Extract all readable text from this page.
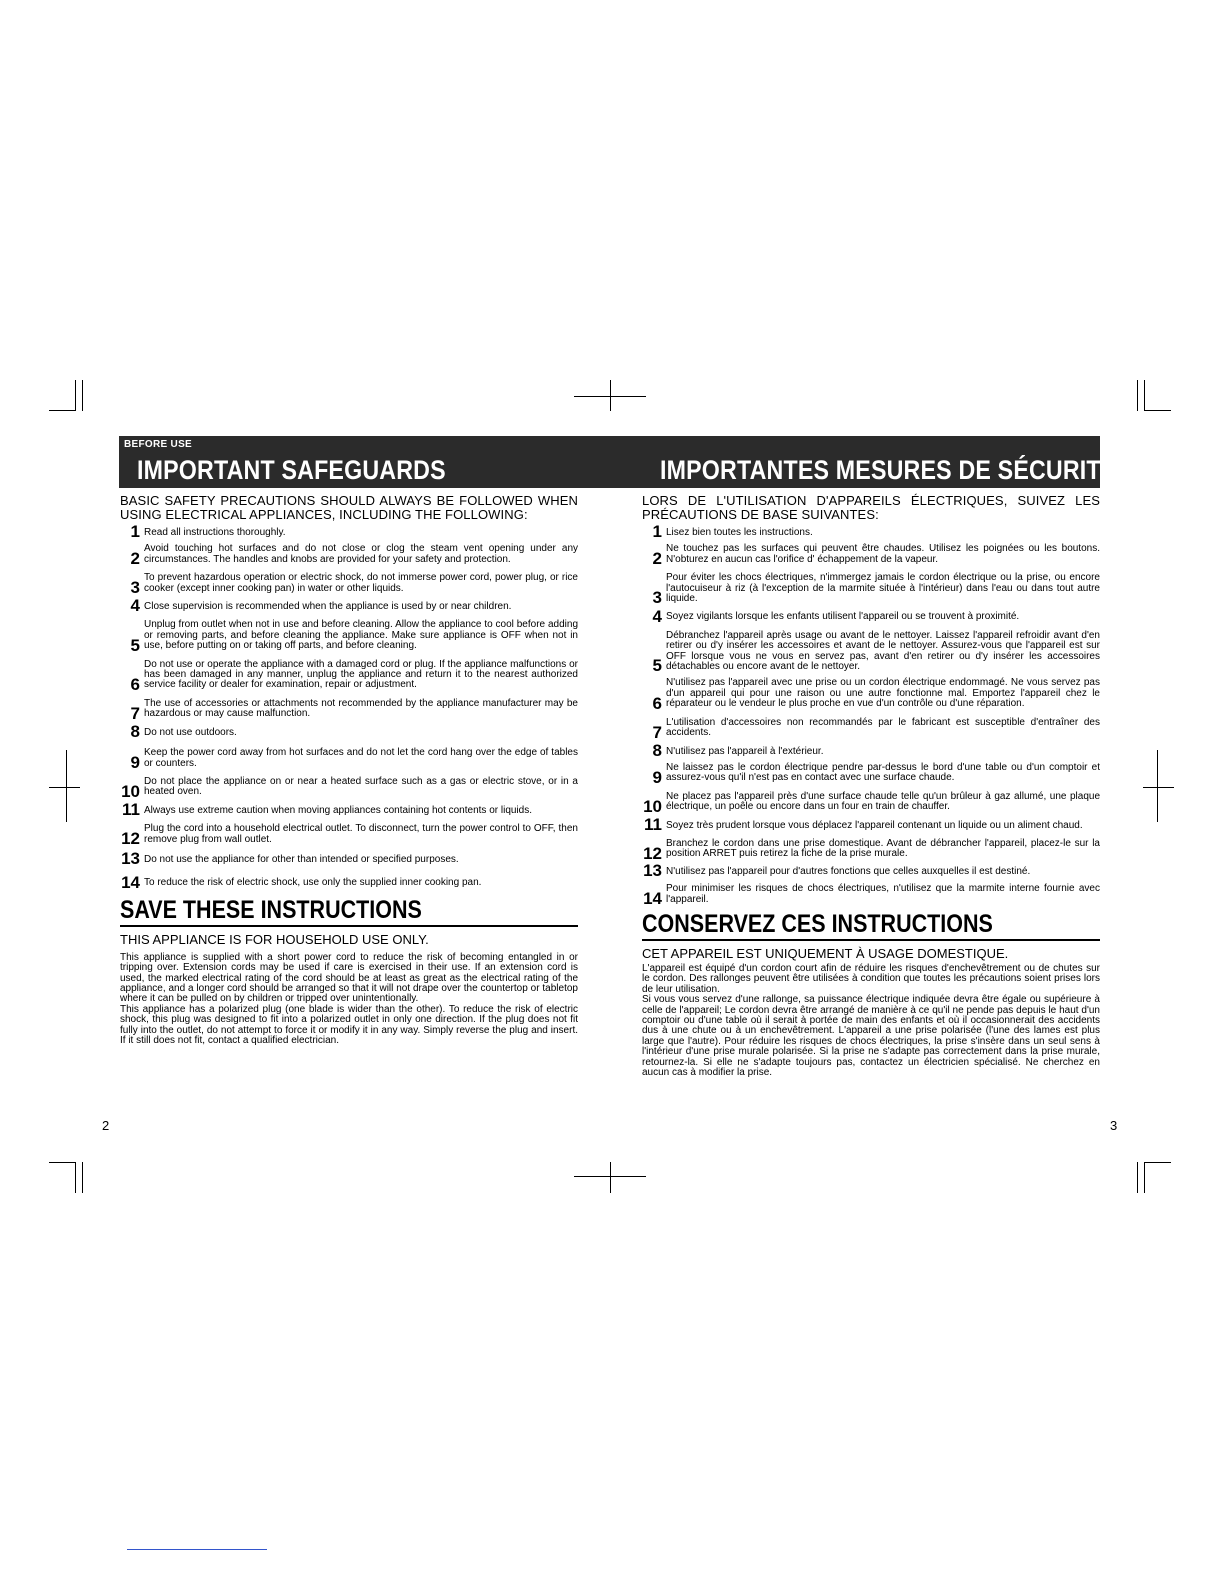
BEFORE USE
IMPORTANT SAFEGUARDS	IMPORTANTES MESURES DE SÉCURITÉ

BASIC SAFETY PRECAUTIONS SHOULD ALWAYS BE FOLLOWED WHEN USING ELECTRICAL APPLIANCES, INCLUDING THE FOLLOWING:

1 Read all instructions thoroughly.
2
Avoid touching hot surfaces and do not close or clog the steam vent opening under any circumstances. The handles and knobs are provided for your safety and protection.
3
To prevent hazardous operation or electric shock, do not immerse power cord, power plug, or rice cooker (except inner cooking pan) in water or other liquids.
4 Close supervision is recommended when the appliance is used by or near children.
5
Unplug from outlet when not in use and before cleaning. Allow the appliance to cool before adding or removing parts, and before cleaning the appliance. Make sure appliance is OFF when not in use, before putting on or taking off parts, and before cleaning.
6
Do not use or operate the appliance with a damaged cord or plug. If the appliance malfunctions or has been damaged in any manner, unplug the appliance and return it to the nearest authorized service facility or dealer for examination, repair or adjustment.
7
The use of accessories or attachments not recommended by the appliance manufacturer may be hazardous or may cause malfunction.
8 Do not use outdoors.
9
Keep the power cord away from hot surfaces and do not let the cord hang over the edge of tables or counters.
10
Do not place the appliance on or near a heated surface such as a gas or electric stove, or in a heated oven.
11 Always use extreme caution when moving appliances containing hot contents or liquids.
12
Plug the cord into a household electrical outlet. To disconnect, turn the power control to OFF, then remove plug from wall outlet.
13 Do not use the appliance for other than intended or specified purposes.
14 To reduce the risk of electric shock, use only the supplied inner cooking pan.
SAVE THESE INSTRUCTIONS

THIS APPLIANCE IS FOR HOUSEHOLD USE ONLY.

This appliance is supplied with a short power cord to reduce the risk of becoming entangled in or tripping over. Extension cords may be used if care is exercised in their use. If an extension cord is used, the marked electrical rating of the cord should be at least as great as the electrical rating of the appliance, and a longer cord should be arranged so that it will not drape over the countertop or tabletop where it can be pulled on by children or tripped over unintentionally.
This appliance has a polarized plug (one blade is wider than the other). To reduce the risk of electric shock, this plug was designed to fit into a polarized outlet in only one direction. If the plug does not fit fully into the outlet, do not attempt to force it or modify it in any way. Simply reverse the plug and insert. If it still does not fit, contact a qualified electrician.

LORS DE L'UTILISATION D'APPAREILS ÉLECTRIQUES, SUIVEZ LES PRÉCAUTIONS DE BASE SUIVANTES:

1 Lisez bien toutes les instructions.
2
Ne touchez pas les surfaces qui peuvent être chaudes. Utilisez les poignées ou les boutons. N'obturez en aucun cas l'orifice d' échappement de la vapeur.
3
Pour éviter les chocs électriques, n'immergez jamais le cordon électrique ou la prise, ou encore l'autocuiseur à riz (à l'exception de la marmite située à l'intérieur) dans l'eau ou dans tout autre liquide.
4 Soyez vigilants lorsque les enfants utilisent l'appareil ou se trouvent à proximité.
5
Débranchez l'appareil après usage ou avant de le nettoyer. Laissez l'appareil refroidir avant d'en retirer ou d'y insérer les accessoires et avant de le nettoyer. Assurez-vous que l'appareil est sur OFF lorsque vous ne vous en servez pas, avant d'en retirer ou d'y insérer les accessoires détachables ou encore avant de le nettoyer.
6
N'utilisez pas l'appareil avec une prise ou un cordon électrique endommagé. Ne vous servez pas d'un appareil qui pour une raison ou une autre fonctionne mal. Emportez l'appareil chez le réparateur ou le vendeur le plus proche en vue d'un contrôle ou d'une réparation.
7
L'utilisation d'accessoires non recommandés par le fabricant est susceptible d'entraîner des accidents.
8 N'utilisez pas l'appareil à l'extérieur.
9
Ne laissez pas le cordon électrique pendre par-dessus le bord d'une table ou d'un comptoir et assurez-vous qu'il n'est pas en contact avec une surface chaude.
10
Ne placez pas l'appareil près d'une surface chaude telle qu'un brûleur à gaz allumé, une plaque électrique, un poêle ou encore dans un four en train de chauffer.
11 Soyez très prudent lorsque vous déplacez l'appareil contenant un liquide ou un aliment chaud.
12
Branchez le cordon dans une prise domestique. Avant de débrancher l'appareil, placez-le sur la position ARRET puis retirez la fiche de la prise murale.
13 N'utilisez pas l'appareil pour d'autres fonctions que celles auxquelles il est destiné.
14
Pour minimiser les risques de chocs électriques, n'utilisez que la marmite interne fournie avec l'appareil.
CONSERVEZ CES INSTRUCTIONS

CET APPAREIL EST UNIQUEMENT À USAGE DOMESTIQUE.

L'appareil est équipé d'un cordon court afin de réduire les risques d'enchevêtrement ou de chutes sur le cordon. Des rallonges peuvent être utilisées à condition que toutes les précautions soient prises lors de leur utilisation.
Si vous vous servez d'une rallonge, sa puissance électrique indiquée devra être égale ou supérieure à celle de l'appareil; Le cordon devra être arrangé de manière à ce qu'il ne pende pas depuis le haut d'un comptoir ou d'une table où il serait à portée de main des enfants et où il occasionnerait des accidents dus à une chute ou à un enchevêtrement. L'appareil a une prise polarisée (l'une des lames est plus large que l'autre). Pour réduire les risques de chocs électriques, la prise s'insère dans un seul sens à l'intérieur d'une prise murale polarisée. Si la prise ne s'adapte pas correctement dans la prise murale, retournez-la. Si elle ne s'adapte toujours pas, contactez un électricien spécialisé. Ne cherchez en aucun cas à modifier la prise.
2	3
